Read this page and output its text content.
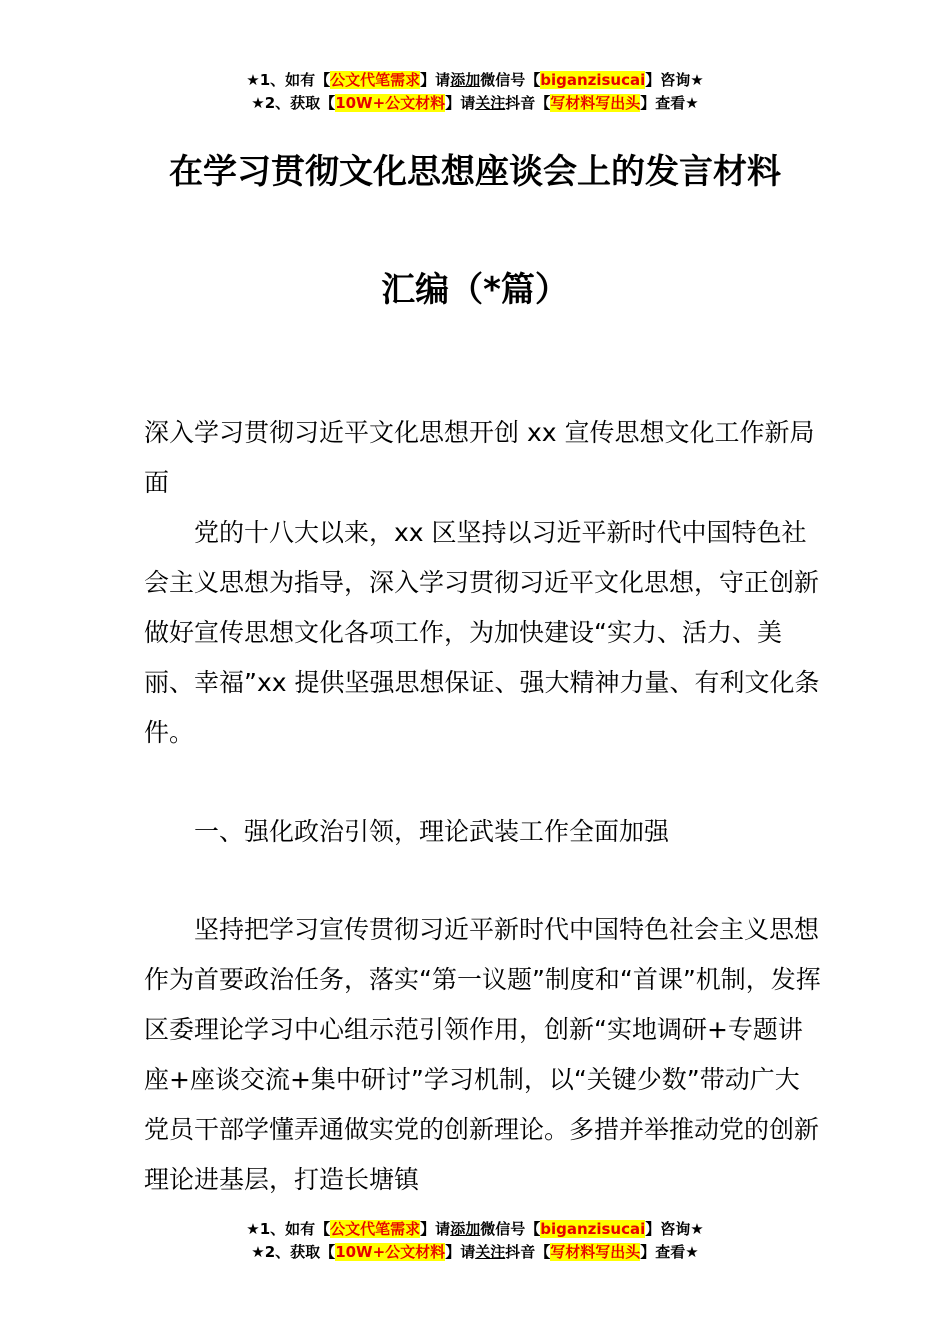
★1、如有【公文代笔需求】请添加微信号【biganzisucai】咨询★
★2、获取【10W+公文材料】请关注抖音【写材料写出头】查看★
在学习贯彻文化思想座谈会上的发言材料
汇编（*篇）
深入学习贯彻习近平文化思想开创 xx 宣传思想文化工作新局面
党的十八大以来，xx 区坚持以习近平新时代中国特色社会主义思想为指导，深入学习贯彻习近平文化思想，守正创新做好宣传思想文化各项工作，为加快建设“实力、活力、美丽、幸福”xx 提供坚强思想保证、强大精神力量、有利文化条件。
一、强化政治引领，理论武装工作全面加强
坚持把学习宣传贯彻习近平新时代中国特色社会主义思想作为首要政治任务，落实“第一议题”制度和“首课”机制，发挥区委理论学习中心组示范引领作用，创新“实地调研+专题讲座+座谈交流+集中研讨”学习机制，以“关键少数”带动广大党员干部学懂弄通做实党的创新理论。多措并举推动党的创新理论进基层，打造长塘镇
★1、如有【公文代笔需求】请添加微信号【biganzisucai】咨询★
★2、获取【10W+公文材料】请关注抖音【写材料写出头】查看★
